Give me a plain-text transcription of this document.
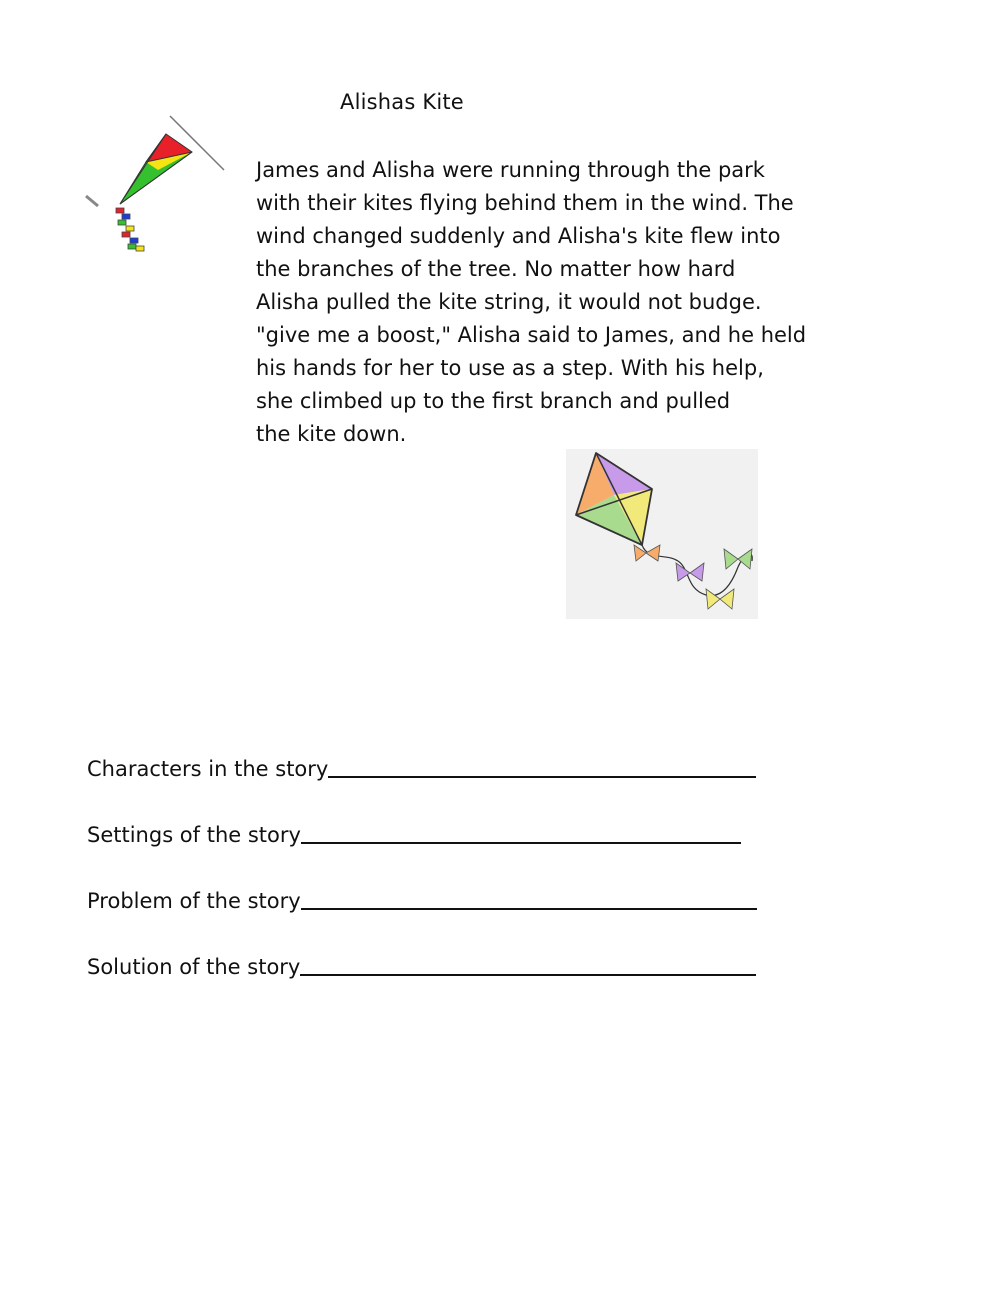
Alishas Kite
James and Alisha were running through the park
with their kites flying behind them in the wind. The
wind changed suddenly and Alisha's kite flew into
the branches of the tree. No matter how hard
Alisha pulled the kite string, it would not budge.
"give me a boost," Alisha said to James, and he held
his hands for her to use as a step. With his help,
she climbed up to the first branch and pulled
the kite down.
Characters in the story
Settings of the story
Problem of the story
Solution of the story
